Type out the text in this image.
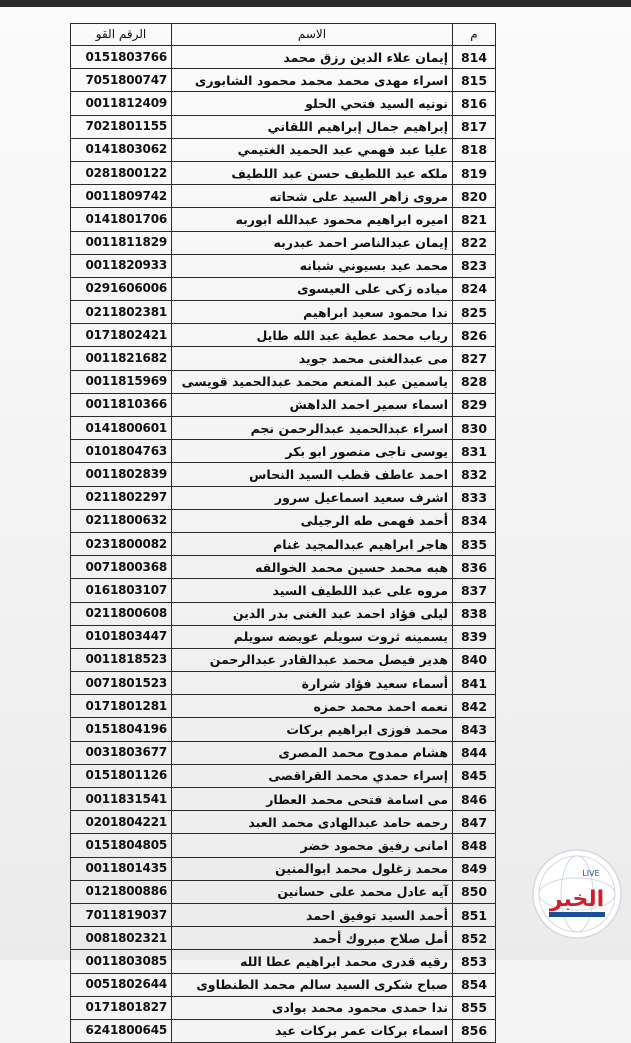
الرقم القو	الاسم	م
0151803766	إيمان علاء الدين رزق محمد	814
7051800747	اسراء مهدى محمد محمد محمود الشابورى	815
0011812409	نونيه السيد فتحي الحلو	816
7021801155	إبراهيم جمال إبراهيم اللقاني	817
0141803062	عليا عبد فهمي عبد الحميد الغتيمي	818
0281800122	ملكه عبد اللطيف حسن عبد اللطيف	819
0011809742	مروى زاهر السيد على شحاته	820
0141801706	اميره ابراهيم محمود عبدالله ابوربه	821
0011811829	إيمان عبدالناصر احمد عبدربه	822
0011820933	محمد عيد بسيوني شبانه	823
0291606006	مياده زكى على العيسوى	824
0211802381	ندا محمود سعيد ابراهيم	825
0171802421	رباب محمد عطية عبد الله طايل	826
0011821682	مى عبدالغنى محمد جويد	827
0011815969	ياسمين عبد المنعم محمد عبدالحميد قويسى	828
0011810366	اسماء سمير احمد الداهش	829
0141800601	اسراء عبدالحميد عبدالرحمن نجم	830
0101804763	يوسى ناجى منصور ابو بكر	831
0011802839	احمد عاطف قطب السيد النحاس	832
0211802297	اشرف سعيد اسماعيل سرور	833
0211800632	أحمد فهمى طه الرجيلى	834
0231800082	هاجر ابراهيم عبدالمجيد غنام	835
0071800368	هبه محمد حسين محمد الخوالقه	836
0161803107	مروه على عبد اللطيف السيد	837
0211800608	ليلى فؤاد احمد عبد الغنى بدر الدين	838
0101803447	يسمينه ثروت سويلم عويضه سويلم	839
0011818523	هدير فيصل محمد عبدالقادر عبدالرحمن	840
0071801523	أسماء سعيد فؤاد شرارة	841
0171801281	نعمه احمد محمد حمزه	842
0151804196	محمد فوزى ابراهيم بركات	843
0031803677	هشام ممدوح محمد المصرى	844
0151801126	إسراء حمدي محمد القراقصى	845
0011831541	مى اسامة فتحى محمد العطار	846
0201804221	رحمه حامد عبدالهادى محمد العبد	847
0151804805	امانى رفيق محمود خضر	848
0011801435	محمد زغلول محمد ابوالمنين	849
0121800886	آيه عادل محمد على حسانين	850
7011819037	أحمد السيد توفيق احمد	851
0081802321	أمل صلاح مبروك أحمد	852
0011803085	رقيه قدرى محمد ابراهيم عطا الله	853
0051802644	صباح شكرى السيد سالم محمد الطنطاوى	854
0171801827	ندا حمدى محمود محمد بوادى	855
6241800645	اسماء بركات عمر بركات عيد	856
الخبر
LIVE
